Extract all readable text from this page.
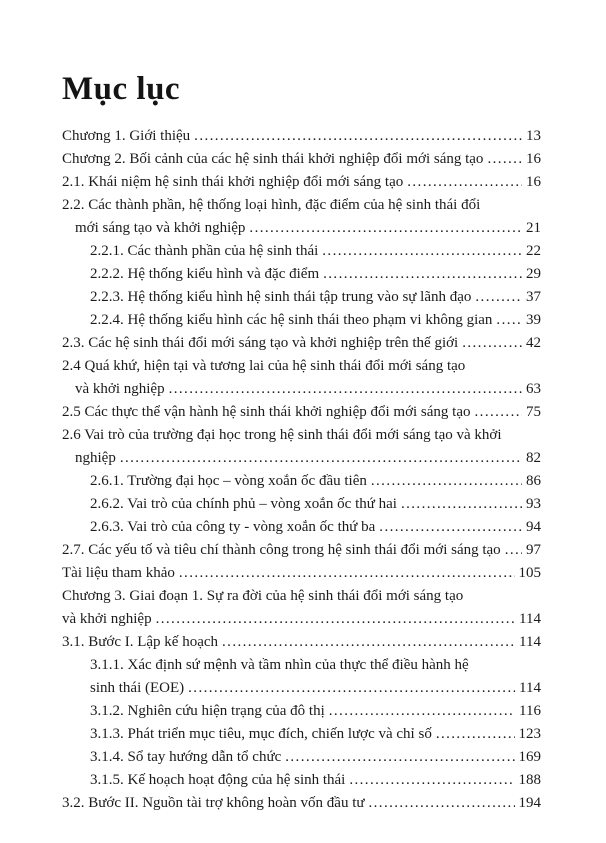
Mục lục
Chương 1. Giới thiệu .....	13
Chương 2. Bối cảnh của các hệ sinh thái khởi nghiệp đổi mới sáng tạo .....	16
2.1. Khái niệm hệ sinh thái khởi nghiệp đổi mới sáng tạo .....	16
2.2. Các thành phần, hệ thống loại hình, đặc điểm của hệ sinh thái đổi
mới sáng tạo và khởi nghiệp .....	21
2.2.1. Các thành phần của hệ sinh thái .....	22
2.2.2. Hệ thống kiểu hình và đặc điểm .....	29
2.2.3. Hệ thống kiểu hình hệ sinh thái tập trung vào sự lãnh đạo .....	37
2.2.4. Hệ thống kiểu hình các hệ sinh thái theo phạm vi không gian ..... 39
2.3. Các hệ sinh thái đổi mới sáng tạo và khởi nghiệp trên thế giới .....	42
2.4 Quá khứ, hiện tại và tương lai của hệ sinh thái đổi mới sáng tạo
và khởi nghiệp .....	63
2.5 Các thực thể vận hành hệ sinh thái khởi nghiệp đổi mới sáng tạo .....	75
2.6 Vai trò của trường đại học trong hệ sinh thái đổi mới sáng tạo và khởi
nghiệp .....	82
2.6.1. Trường đại học – vòng xoắn ốc đầu tiên .....	86
2.6.2. Vai trò của chính phủ – vòng xoắn ốc thứ hai .....	93
2.6.3. Vai trò của công ty - vòng xoắn ốc thứ ba .....	94
2.7. Các yếu tố và tiêu chí thành công trong hệ sinh thái đổi mới sáng tạo ..... 97
Tài liệu tham khảo .....	105
Chương 3. Giai đoạn 1. Sự ra đời của hệ sinh thái đổi mới sáng tạo
và khởi nghiệp .....	114
3.1. Bước I. Lập kế hoạch .....	114
3.1.1. Xác định sứ mệnh và tầm nhìn của thực thể điều hành hệ
sinh thái (EOE) .....	114
3.1.2. Nghiên cứu hiện trạng của đô thị .....	116
3.1.3. Phát triển mục tiêu, mục đích, chiến lược và chỉ số .....	123
3.1.4. Sổ tay hướng dẫn tổ chức .....	169
3.1.5. Kế hoạch hoạt động của hệ sinh thái .....	188
3.2. Bước II. Nguồn tài trợ không hoàn vốn đầu tư .....	194
